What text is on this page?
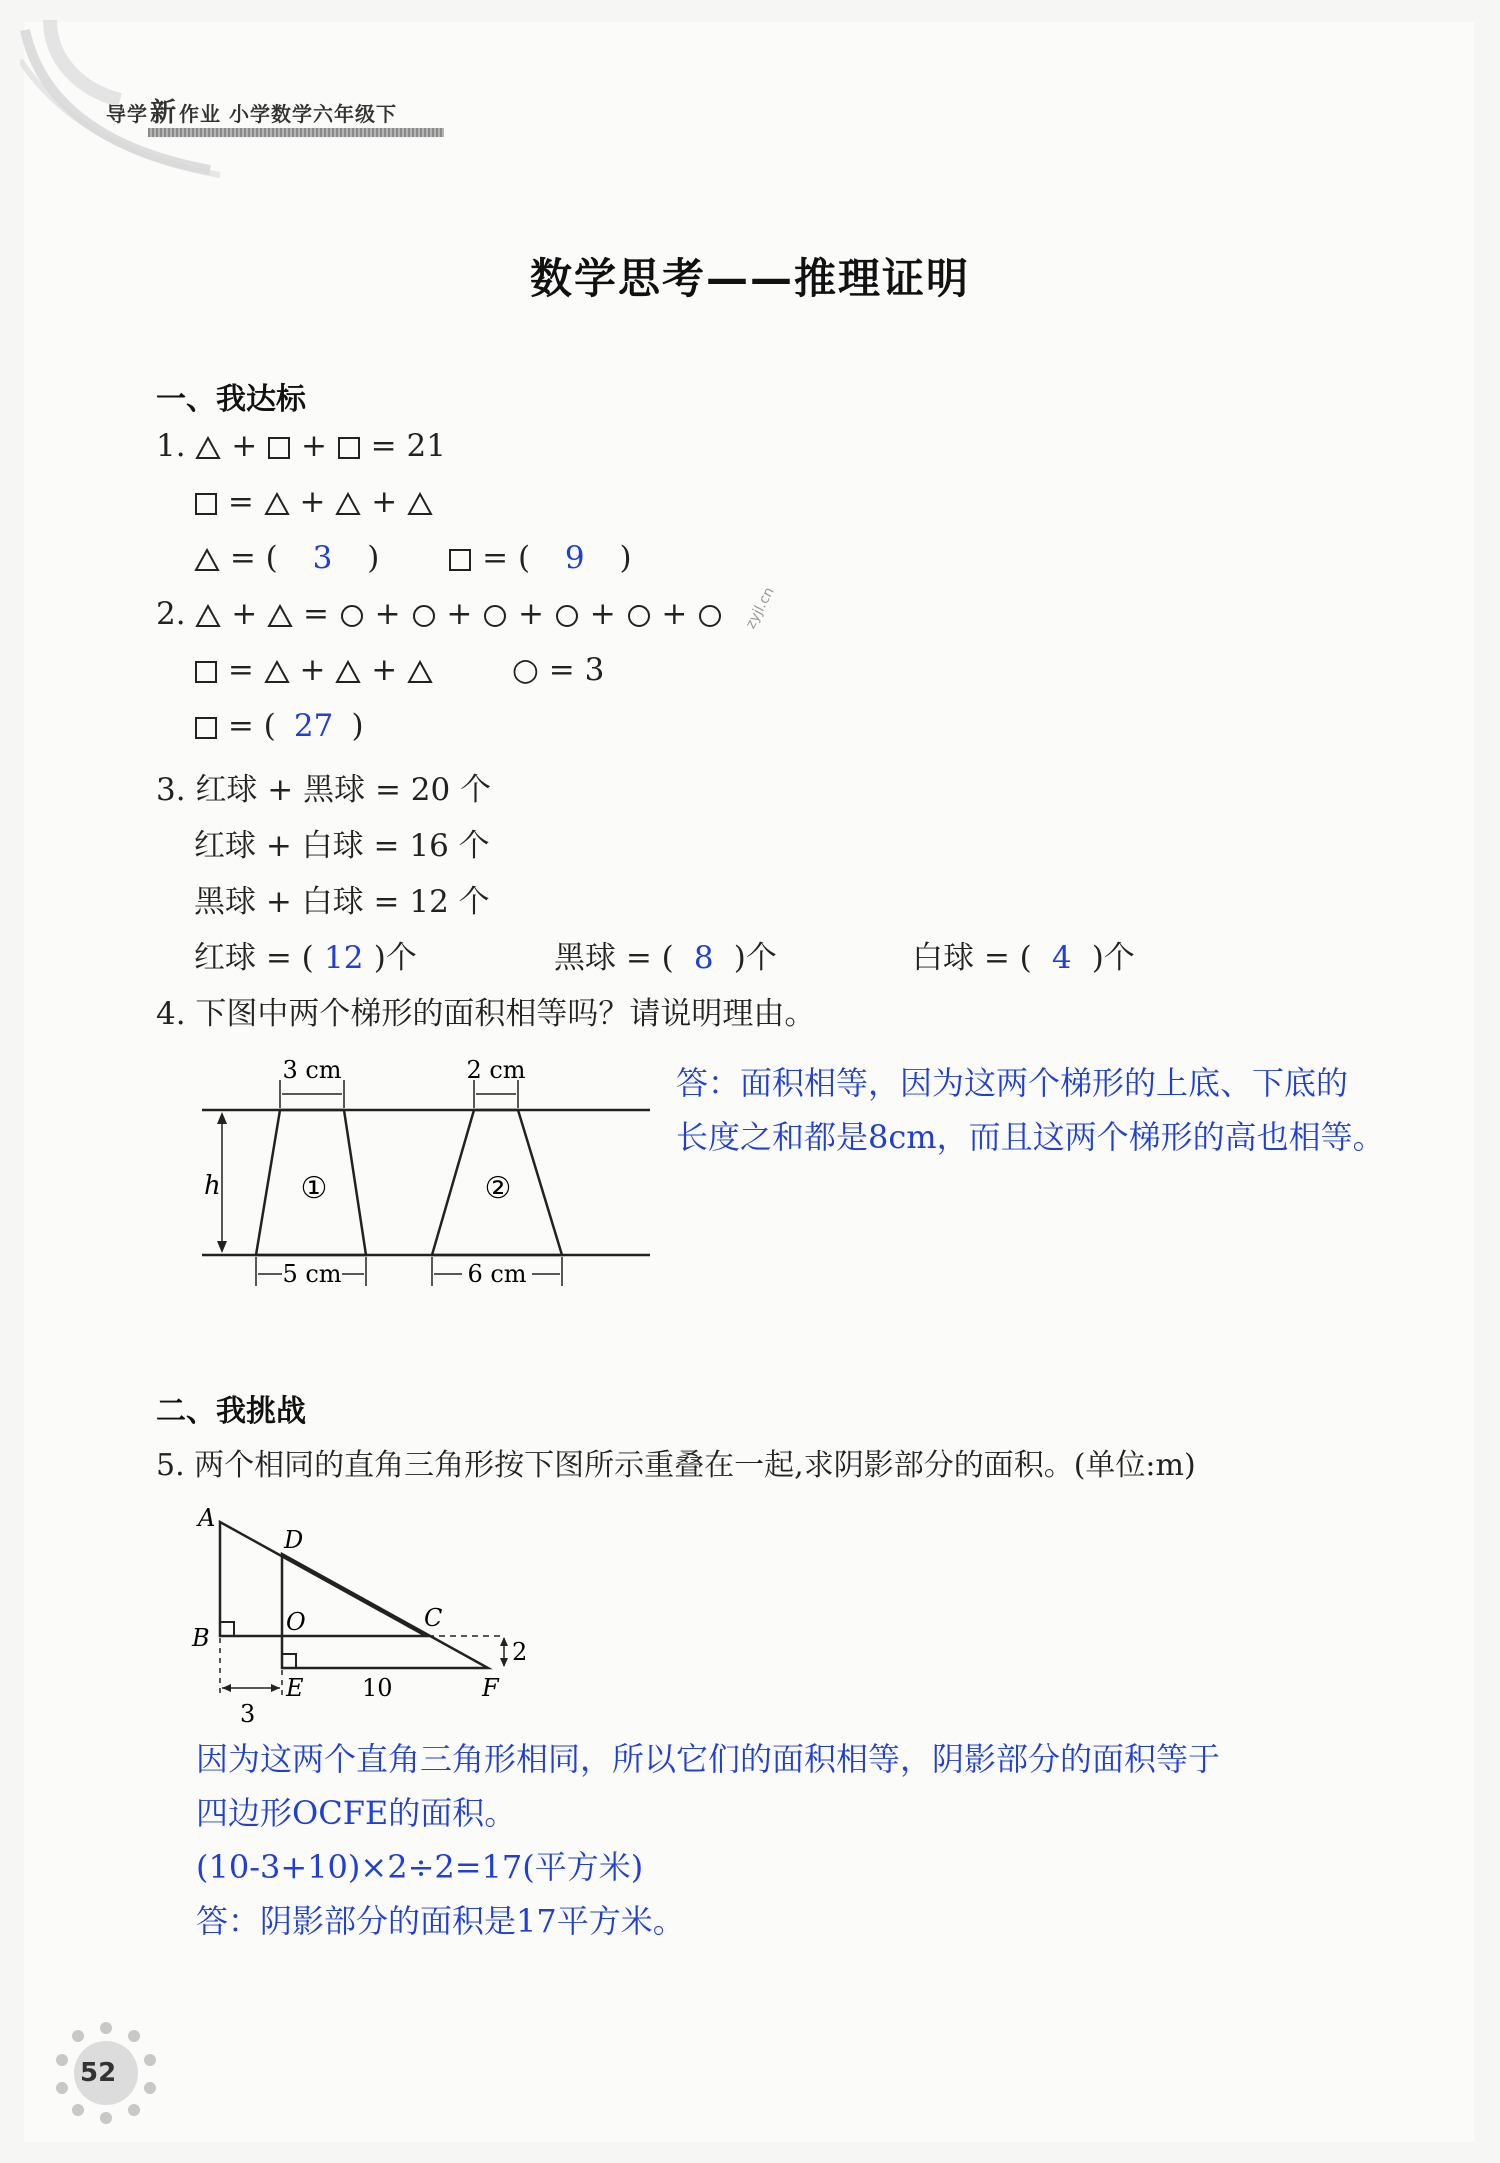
导学新 作业 小学数学六年级下
数学思考——推理证明
一、我达标
1.  +  +  = 21
=  +  +
= (  3  )        = (  9  )
2.  +  =  +  +  +  +  +	zyjl.cn
=  +  +	○ = 3
= ( 27 )
3. 红球 + 黑球 = 20 个
红球 + 白球 = 16 个
黑球 + 白球 = 12 个
红球 = ( 12 )个	黑球 = ( 8 )个	白球 = ( 4 )个
4. 下图中两个梯形的面积相等吗？请说明理由。
3 cm	2 cm
h	①	②
5 cm	6 cm
答：面积相等，因为这两个梯形的上底、下底的
长度之和都是8cm，而且这两个梯形的高也相等。
二、我挑战
5. 两个相同的直角三角形按下图所示重叠在一起,求阴影部分的面积。(单位:m)
A
D
B
O	C
E	F
3
10
2
因为这两个直角三角形相同，所以它们的面积相等，阴影部分的面积等于
四边形OCFE的面积。
(10-3+10)×2÷2=17(平方米)
答：阴影部分的面积是17平方米。
52
